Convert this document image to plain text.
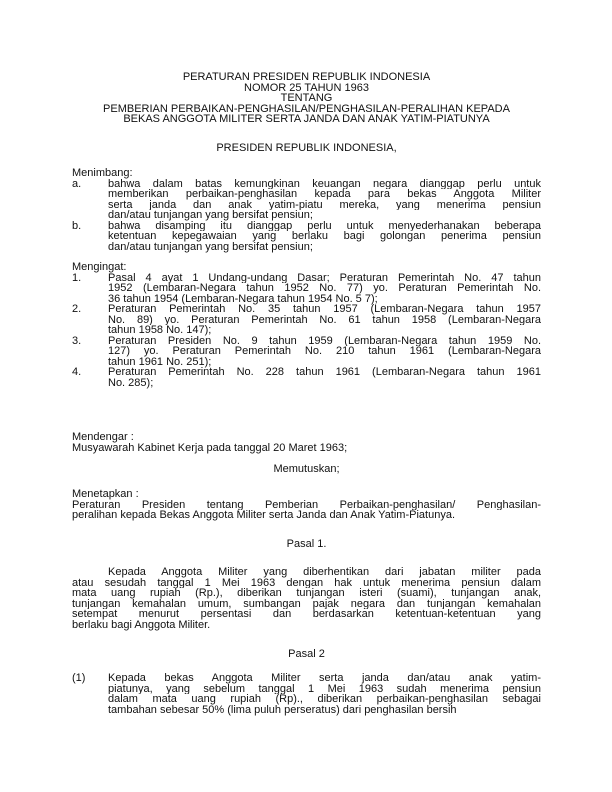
PERATURAN PRESIDEN REPUBLIK INDONESIA
NOMOR 25 TAHUN 1963
TENTANG
PEMBERIAN PERBAIKAN-PENGHASILAN/PENGHASILAN-PERALIHAN KEPADA
BEKAS ANGGOTA MILITER SERTA JANDA DAN ANAK YATIM-PIATUNYA
PRESIDEN REPUBLIK INDONESIA,
Menimbang:
a. bahwa dalam batas kemungkinan keuangan negara dianggap perlu untuk
memberikan perbaikan-penghasilan kepada para bekas Anggota Militer
serta janda dan anak yatim-piatu mereka, yang menerima pensiun
dan/atau tunjangan yang bersifat pensiun;
b. bahwa disamping itu dianggap perlu untuk menyederhanakan beberapa
ketentuan kepegawaian yang berlaku bagi golongan penerima pensiun
dan/atau tunjangan yang bersifat pensiun;
Mengingat:
1. Pasal 4 ayat 1 Undang-undang Dasar; Peraturan Pemerintah No. 47 tahun
1952 (Lembaran-Negara tahun 1952 No. 77) yo. Peraturan Pemerintah No.
36 tahun 1954 (Lembaran-Negara tahun 1954 No. 5 7);
2. Peraturan Pemerintah No. 35 tahun 1957 (Lembaran-Negara tahun 1957
No. 89) yo. Peraturan Pemerintah No. 61 tahun 1958 (Lembaran-Negara
tahun 1958 No. 147);
3. Peraturan Presiden No. 9 tahun 1959 (Lembaran-Negara tahun 1959 No.
127) yo. Peraturan Pemerintah No. 210 tahun 1961 (Lembaran-Negara
tahun 1961 No. 251);
4. Peraturan Pemerintah No. 228 tahun 1961 (Lembaran-Negara tahun 1961
No. 285);
Mendengar :
Musyawarah Kabinet Kerja pada tanggal 20 Maret 1963;
Memutuskan;
Menetapkan :
Peraturan Presiden tentang Pemberian Perbaikan-penghasilan/ Penghasilan-
peralihan kepada Bekas Anggota Militer serta Janda dan Anak Yatim-Piatunya.
Pasal 1.
Kepada Anggota Militer yang diberhentikan dari jabatan militer pada
atau sesudah tanggal 1 Mei 1963 dengan hak untuk menerima pensiun dalam
mata uang rupiah (Rp.), diberikan tunjangan isteri (suami), tunjangan anak,
tunjangan kemahalan umum, sumbangan pajak negara dan tunjangan kemahalan
setempat menurut persentasi dan berdasarkan ketentuan-ketentuan yang
berlaku bagi Anggota Militer.
Pasal 2
(1) Kepada bekas Anggota Militer serta janda dan/atau anak yatim-
piatunya, yang sebelum tanggal 1 Mei 1963 sudah menerima pensiun
dalam mata uang rupiah (Rp)., diberikan perbaikan-penghasilan sebagai
tambahan sebesar 50% (lima puluh perseratus) dari penghasilan bersih
